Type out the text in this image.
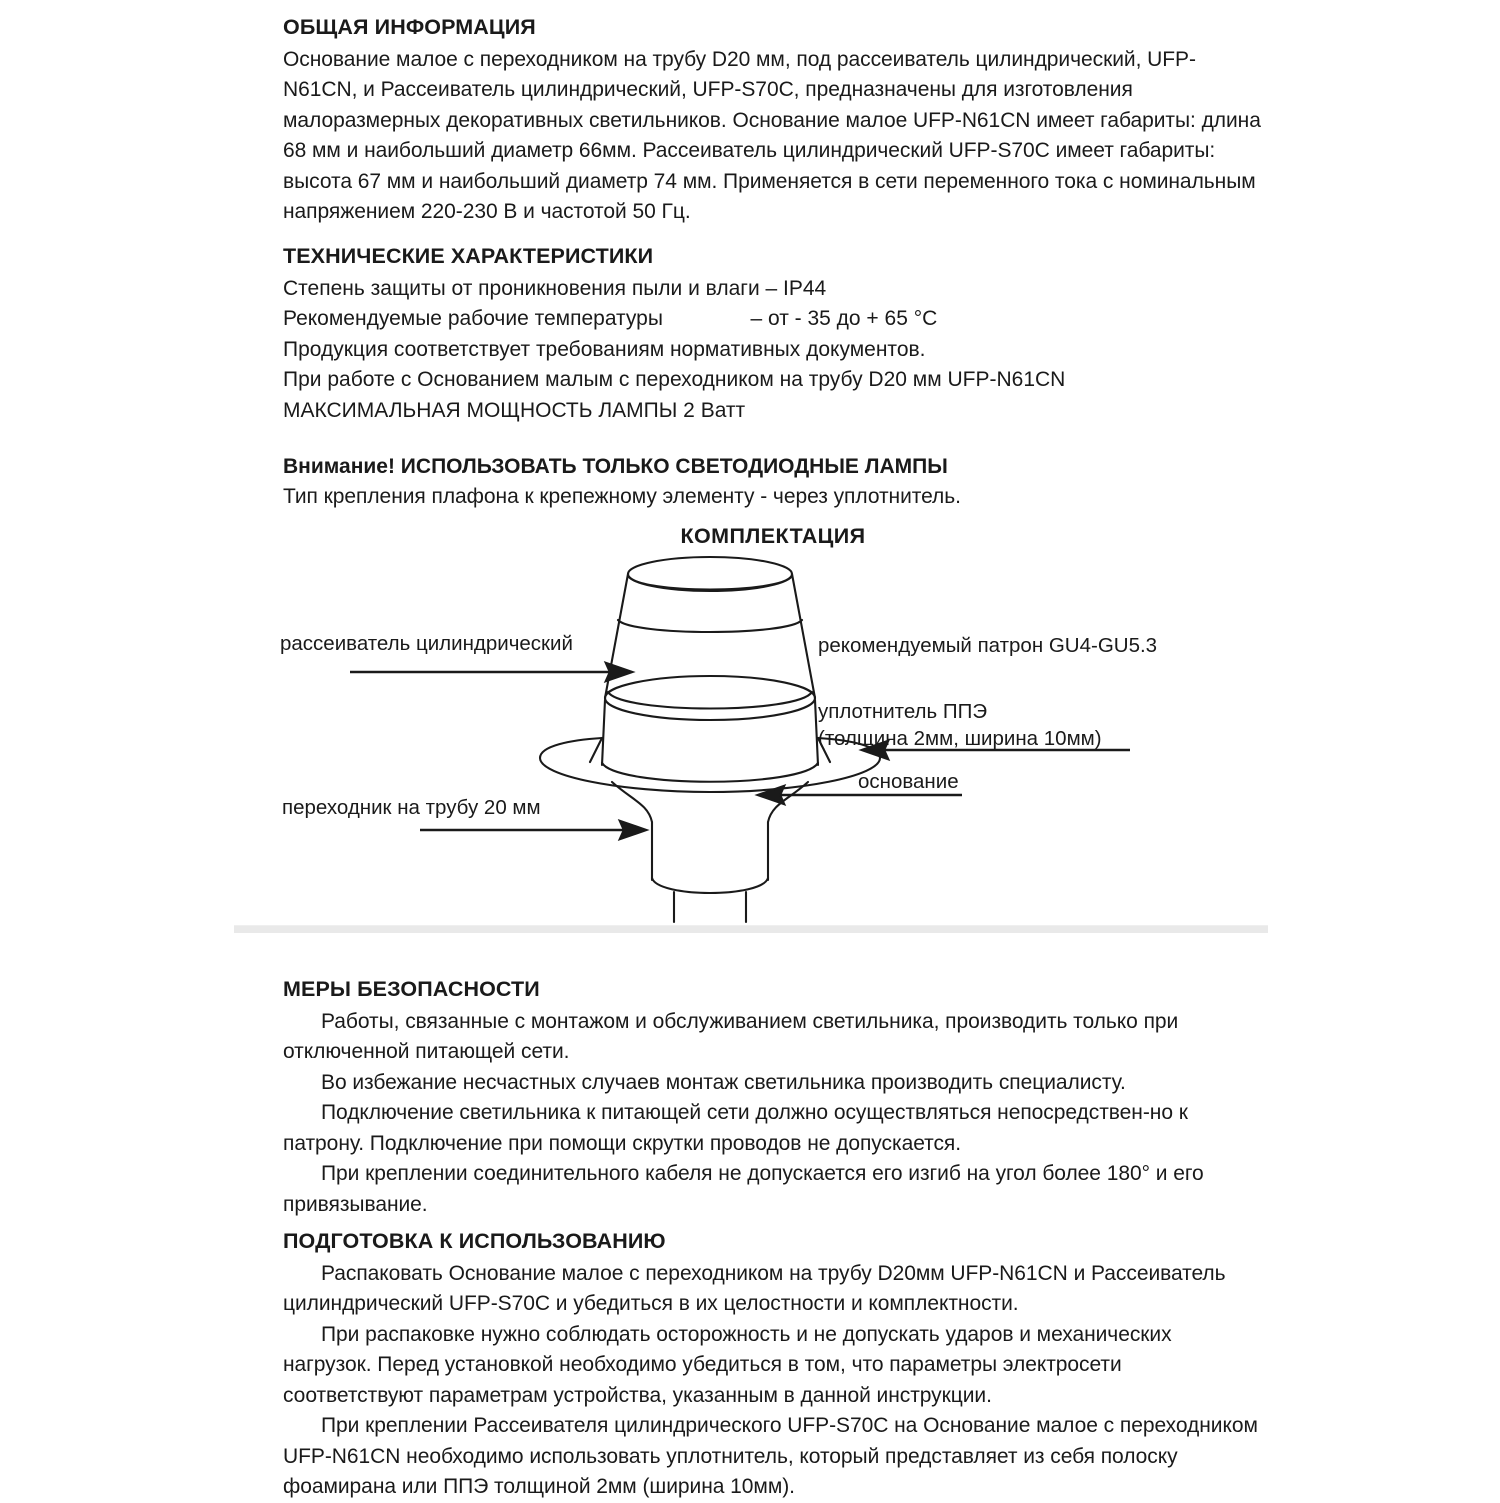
ОБЩАЯ ИНФОРМАЦИЯ

Основание малое с переходником на трубу D20 мм, под рассеиватель цилиндрический, UFP-N61CN, и Рассеиватель цилиндрический, UFP-S70C, предназначены для изготовления малоразмерных декоративных светильников. Основание малое UFP-N61CN имеет габариты: длина 68 мм и наибольший диаметр 66мм. Рассеиватель цилиндрический UFP-S70C имеет габариты: высота 67 мм и наибольший диаметр 74 мм. Применяется в сети переменного тока с номинальным напряжением 220-230 В и частотой 50 Гц.

ТЕХНИЧЕСКИЕ ХАРАКТЕРИСТИКИ
Степень защиты от проникновения пыли и влаги – IP44
Рекомендуемые рабочие температуры               – от - 35 до + 65 °С
Продукция соответствует требованиям нормативных документов.
При работе с Основанием малым с переходником на трубу D20 мм UFP-N61CN
МАКСИМАЛЬНАЯ МОЩНОСТЬ ЛАМПЫ 2 Ватт

Внимание! ИСПОЛЬЗОВАТЬ ТОЛЬКО СВЕТОДИОДНЫЕ ЛАМПЫ

Тип крепления плафона к крепежному элементу - через уплотнитель.

КОМПЛЕКТАЦИЯ
рассеиватель цилиндрический	рекомендуемый патрон GU4-GU5.3
уплотнитель ППЭ
(толщина 2мм, ширина 10мм)
основание
переходник на трубу 20 мм
МЕРЫ БЕЗОПАСНОСТИ

Работы, связанные с монтажом и обслуживанием светильника, производить только при отключенной питающей сети.

Во избежание несчастных случаев монтаж светильника производить специалисту.

Подключение светильника к питающей сети должно осуществляться непосредствен-но к патрону. Подключение при помощи скрутки проводов не допускается.

При креплении соединительного кабеля не допускается его изгиб на угол более 180° и его привязывание.

ПОДГОТОВКА К ИСПОЛЬЗОВАНИЮ

Распаковать Основание малое с переходником на трубу D20мм UFP-N61CN и Рассеиватель цилиндрический UFP-S70C и убедиться в их целостности и комплектности.

При распаковке нужно соблюдать осторожность и не допускать ударов и механических нагрузок. Перед установкой необходимо убедиться в том, что параметры электросети соответствуют параметрам устройства, указанным в данной инструкции.

При креплении Рассеивателя цилиндрического UFP-S70C на Основание малое с переходником UFP-N61CN необходимо использовать уплотнитель, который представляет из себя полоску фоамирана или ППЭ толщиной 2мм (ширина 10мм).
